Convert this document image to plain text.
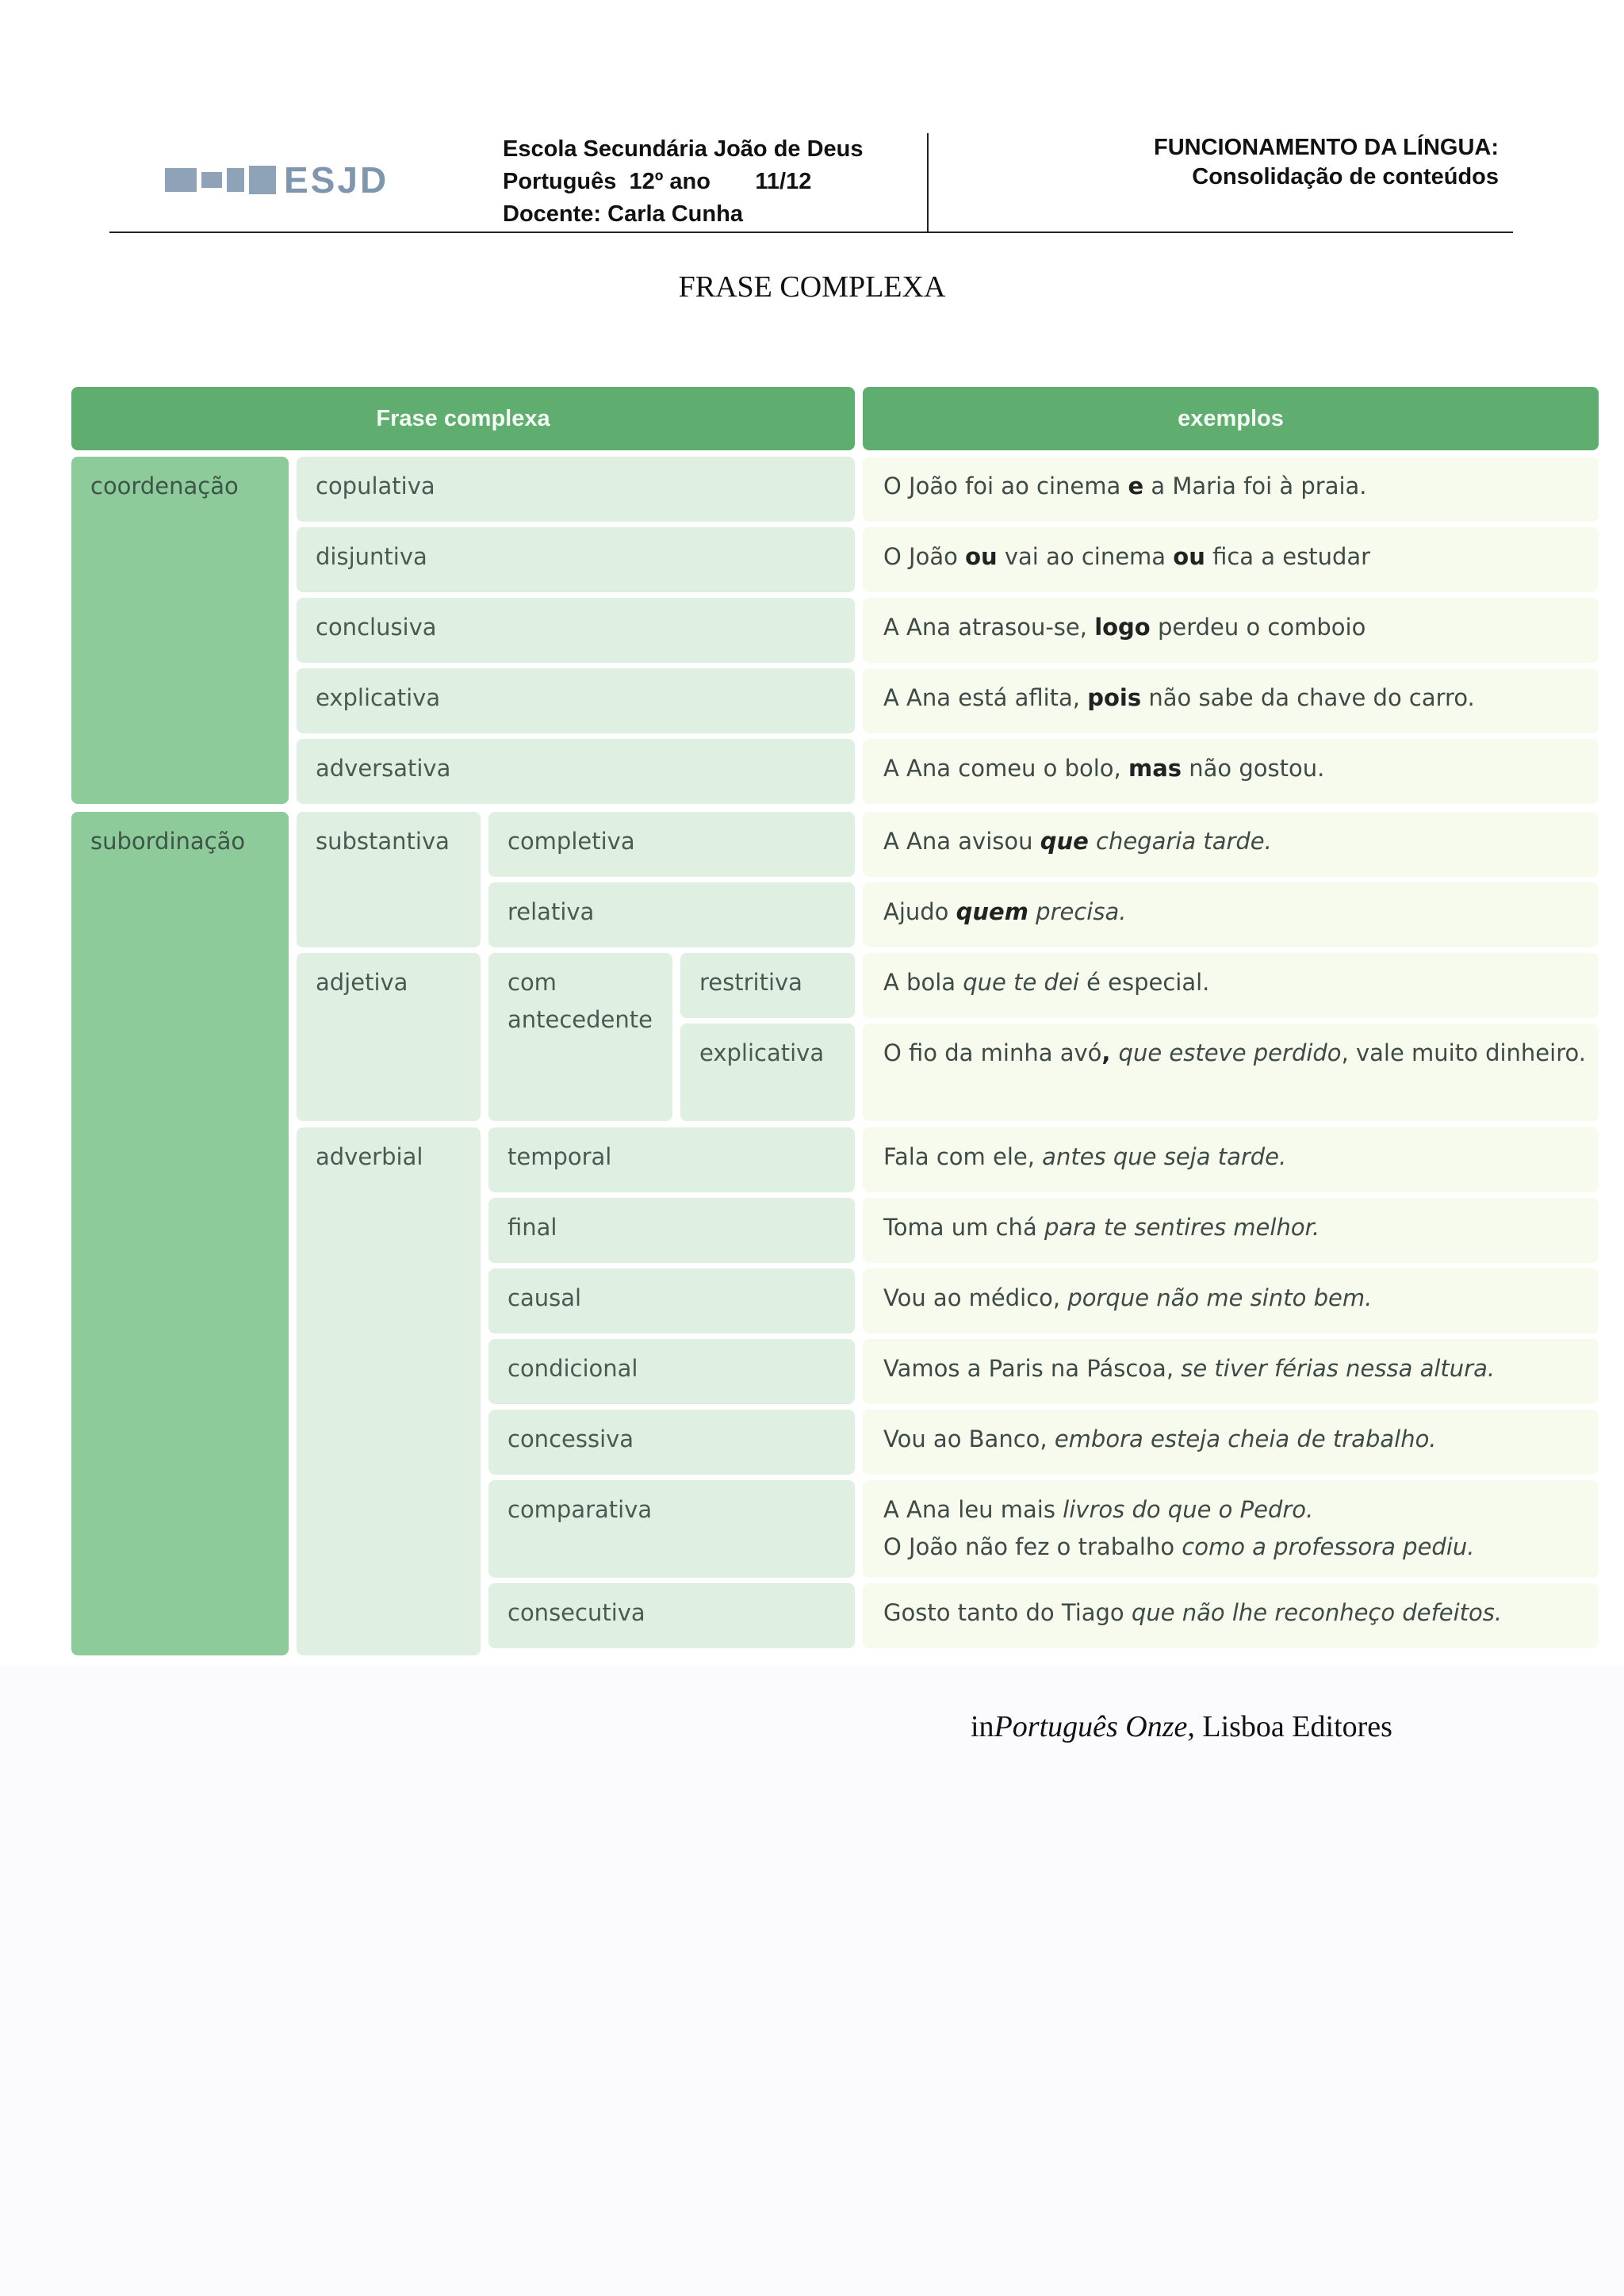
ESJD
Escola Secundária João de Deus
Português  12º ano       11/12
Docente: Carla Cunha
FUNCIONAMENTO DA LÍNGUA:
Consolidação de conteúdos
FRASE COMPLEXA
Frase complexa	exemplos
coordenação
subordinação
copulativa
disjuntiva
conclusiva
explicativa
adversativa
substantiva
adjetiva
adverbial
completiva
relativa
com antecedente
restritiva
explicativa
temporal
final
causal
condicional
concessiva
comparativa
consecutiva
O João foi ao cinema e a Maria foi à praia.
O João ou vai ao cinema ou fica a estudar
A Ana atrasou-se, logo perdeu o comboio
A Ana está aflita, pois não sabe da chave do carro.
A Ana comeu o bolo, mas não gostou.
A Ana avisou que chegaria tarde.
Ajudo quem precisa.
A bola que te dei é especial.
O fio da minha avó, que esteve perdido, vale muito dinheiro.
Fala com ele, antes que seja tarde.
Toma um chá para te sentires melhor.
Vou ao médico, porque não me sinto bem.
Vamos a Paris na Páscoa, se tiver férias nessa altura.
Vou ao Banco, embora esteja cheia de trabalho.
A Ana leu mais livros do que o Pedro.
O João não fez o trabalho como a professora pediu.
Gosto tanto do Tiago que não lhe reconheço defeitos.
inPortuguês Onze, Lisboa Editores
